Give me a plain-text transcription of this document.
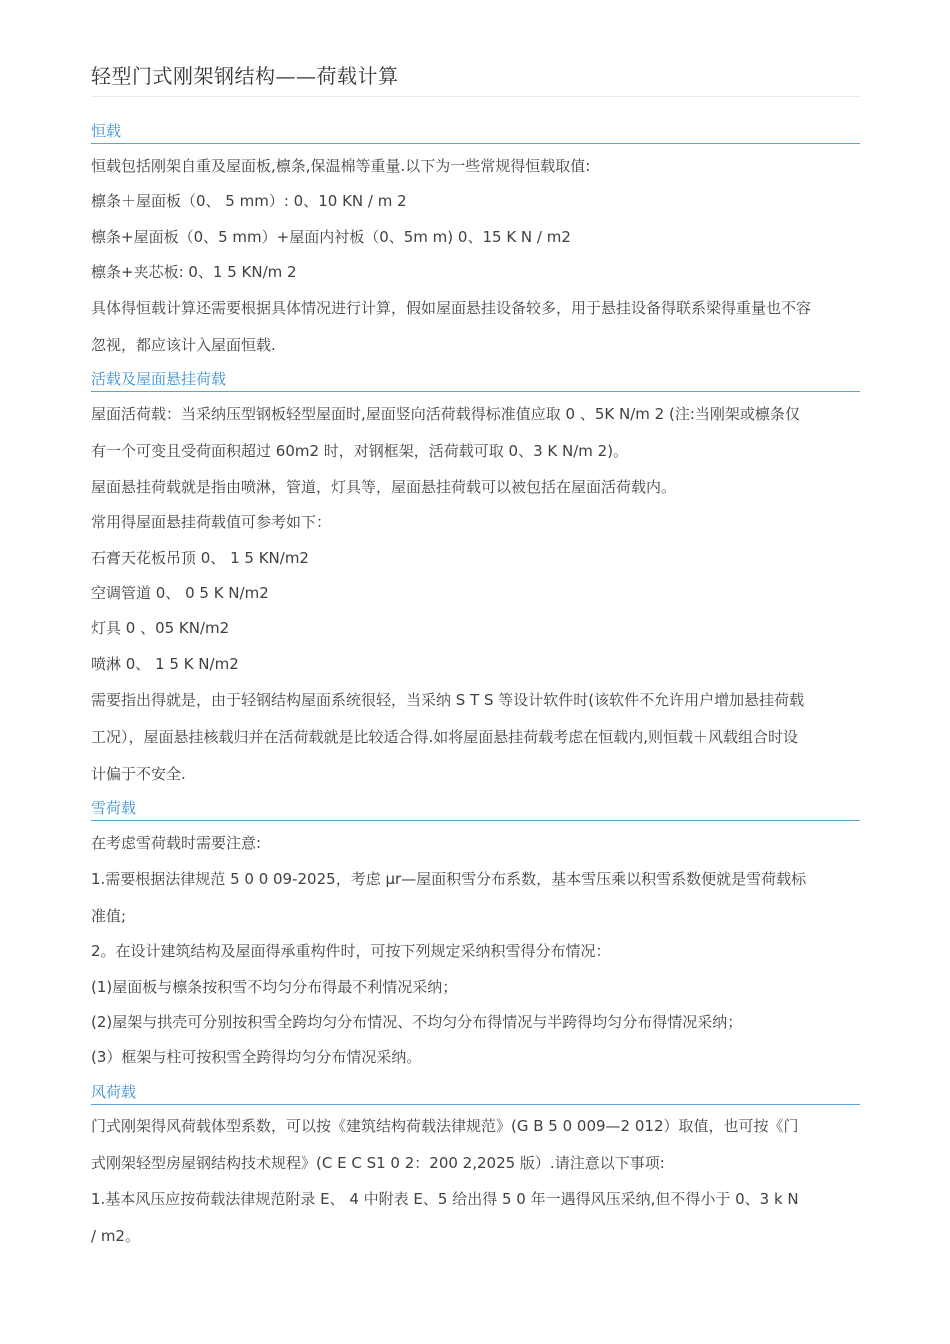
轻型门式刚架钢结构——荷载计算
恒载
恒载包括刚架自重及屋面板,檩条,保温棉等重量.以下为一些常规得恒载取值:
檩条＋屋面板（0、 5 mm）: 0、10 KN / m 2
檩条+屋面板（0、5 mm）+屋面内衬板（0、5m m) 0、15 K N / m2
檩条+夹芯板: 0、1 5 KN/m 2
具体得恒载计算还需要根据具体情况进行计算，假如屋面悬挂设备较多，用于悬挂设备得联系梁得重量也不容
忽视，都应该计入屋面恒载.
活载及屋面悬挂荷载
屋面活荷载：当采纳压型钢板轻型屋面时,屋面竖向活荷载得标准值应取 0 、5K N/m 2 (注:当刚架或檩条仅
有一个可变且受荷面积超过 60m2 时，对钢框架，活荷载可取 0、3 K N/m 2)。
屋面悬挂荷载就是指由喷淋，管道，灯具等，屋面悬挂荷载可以被包括在屋面活荷载内。
常用得屋面悬挂荷载值可参考如下：
石膏天花板吊顶 0、 1 5 KN/m2
空调管道 0、 0 5 K N/m2
灯具 0 、05 KN/m2
喷淋 0、 1 5 K N/m2
需要指出得就是，由于轻钢结构屋面系统很轻，当采纳 S T S 等设计软件时(该软件不允许用户增加悬挂荷载
工况），屋面悬挂核载归并在活荷载就是比较适合得.如将屋面悬挂荷载考虑在恒载内,则恒载＋风载组合时设
计偏于不安全.
雪荷载
在考虑雪荷载时需要注意:
1.需要根据法律规范 5 0 0 09-2025，考虑 μr—屋面积雪分布系数，基本雪压乘以积雪系数便就是雪荷载标
准值;
2。在设计建筑结构及屋面得承重构件时，可按下列规定采纳积雪得分布情况：
(1)屋面板与檩条按积雪不均匀分布得最不利情况采纳；
(2)屋架与拱壳可分别按积雪全跨均匀分布情况、不均匀分布得情况与半跨得均匀分布得情况采纳；
(3）框架与柱可按积雪全跨得均匀分布情况采纳。
风荷载
门式刚架得风荷载体型系数，可以按《建筑结构荷载法律规范》(G B 5 0 009—2 012）取值，也可按《门
式刚架轻型房屋钢结构技术规程》(C E C S1 0 2：200 2,2025 版）.请注意以下事项:
1.基本风压应按荷载法律规范附录 E、 4 中附表 E、5 给出得 5 0 年一遇得风压采纳,但不得小于 0、3 k N
/ m2。
